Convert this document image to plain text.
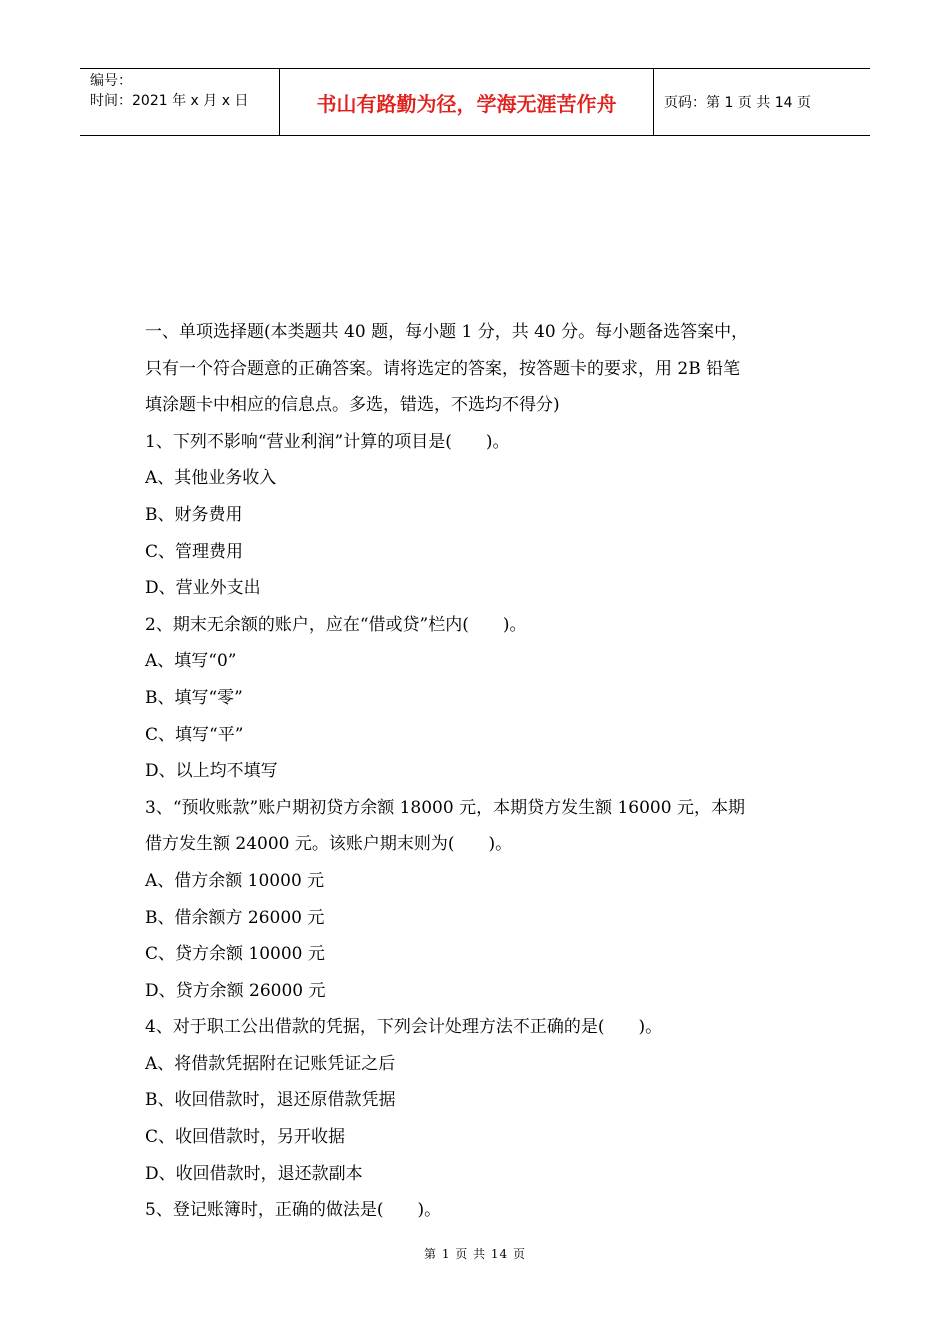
编号：
时间：2021 年 x 月 x 日	书山有路勤为径，学海无涯苦作舟	页码：第 1 页 共 14 页
一、单项选择题(本类题共 40 题，每小题 1 分，共 40 分。每小题备选答案中，
只有一个符合题意的正确答案。请将选定的答案，按答题卡的要求，用 2B 铅笔
填涂题卡中相应的信息点。多选，错选，不选均不得分)
1、下列不影响“营业利润”计算的项目是(　　)。
A、其他业务收入
B、财务费用
C、管理费用
D、营业外支出
2、期末无余额的账户，应在“借或贷”栏内(　　)。
A、填写“0”
B、填写“零”
C、填写“平”
D、以上均不填写
3、“预收账款”账户期初贷方余额 18000 元，本期贷方发生额 16000 元，本期
借方发生额 24000 元。该账户期末则为(　　)。
A、借方余额 10000 元
B、借余额方 26000 元
C、贷方余额 10000 元
D、贷方余额 26000 元
4、对于职工公出借款的凭据，下列会计处理方法不正确的是(　　)。
A、将借款凭据附在记账凭证之后
B、收回借款时，退还原借款凭据
C、收回借款时，另开收据
D、收回借款时，退还款副本
5、登记账簿时，正确的做法是(　　)。
第 1 页 共 14 页
